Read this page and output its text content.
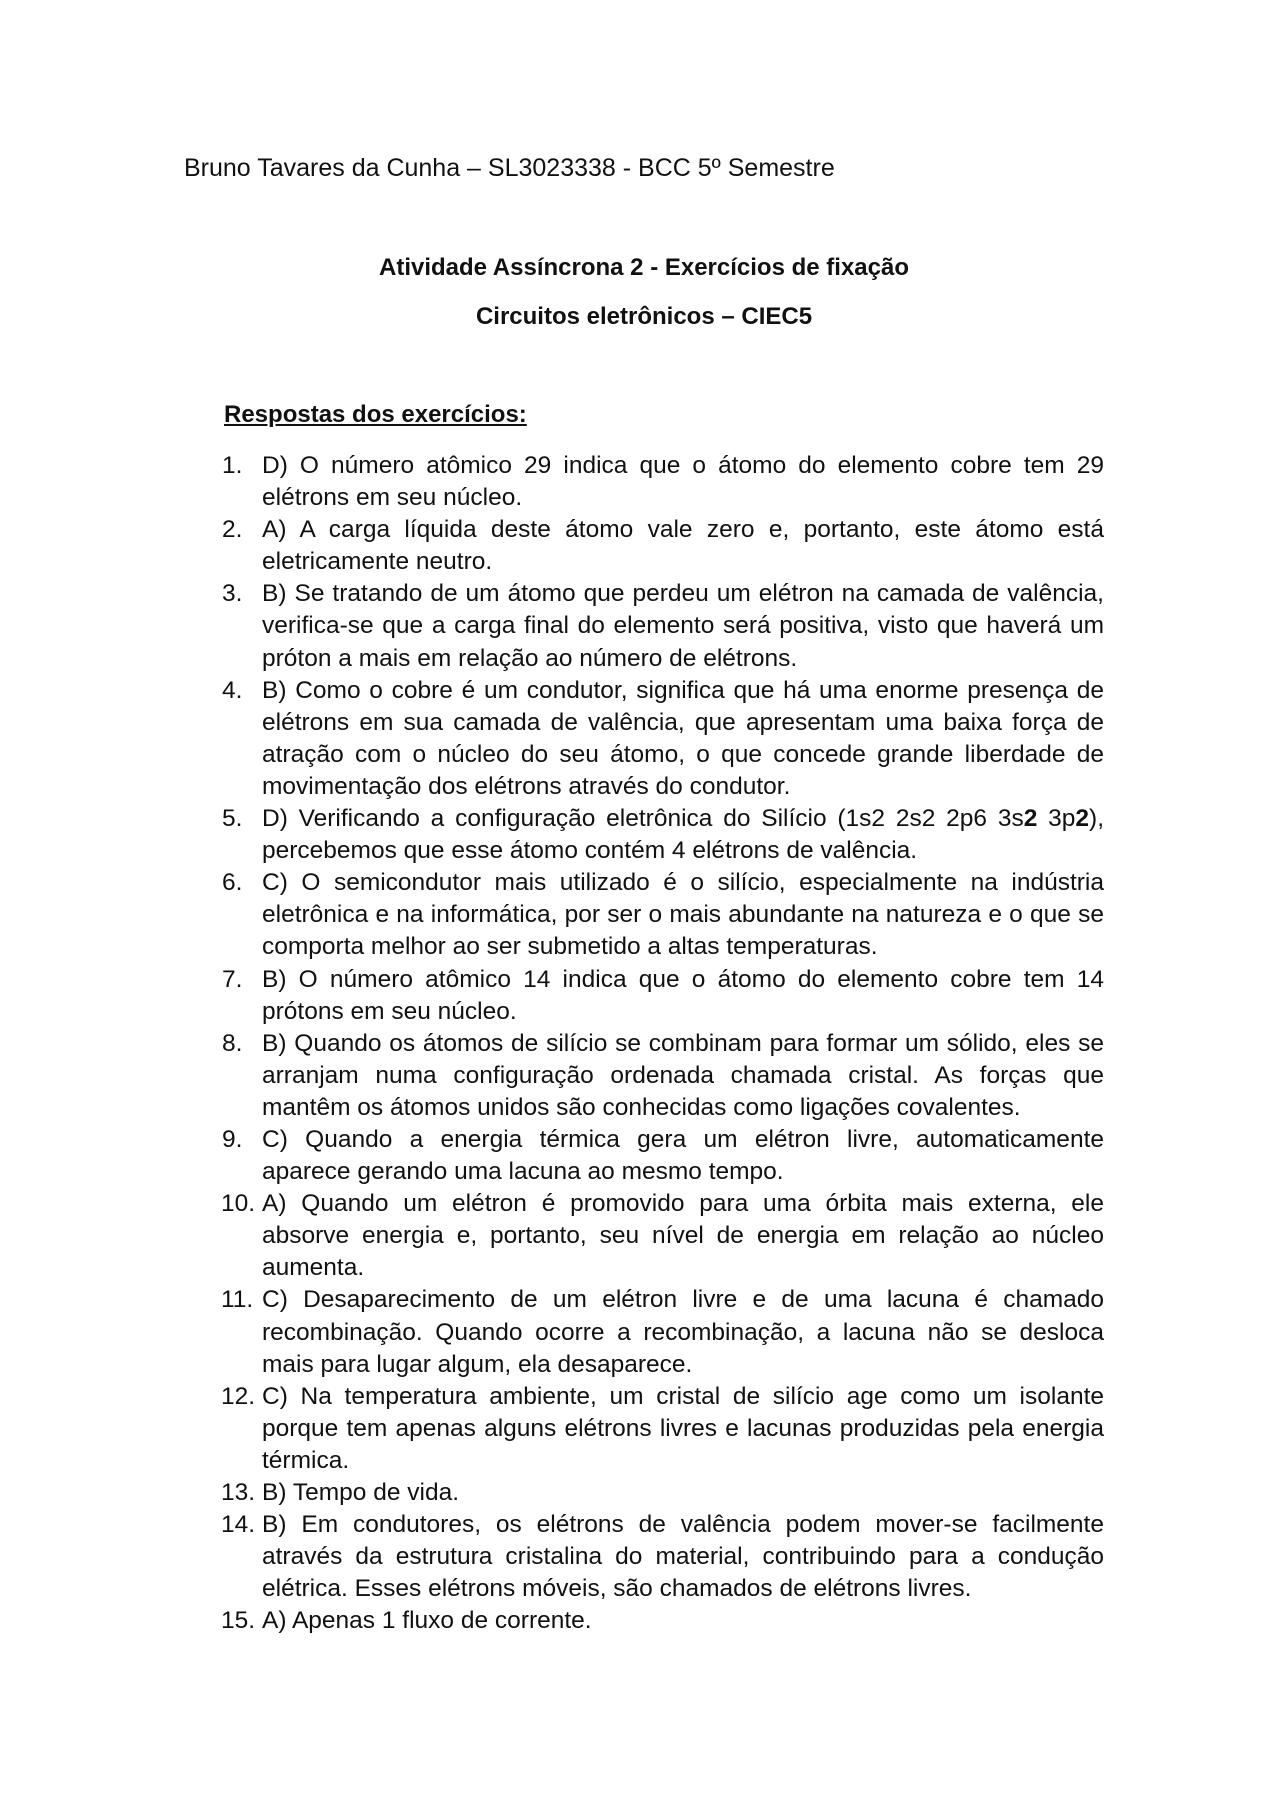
Bruno Tavares da Cunha – SL3023338 - BCC 5º Semestre
Atividade Assíncrona 2 - Exercícios de fixação
Circuitos eletrônicos – CIEC5
Respostas dos exercícios:
1. D) O número atômico 29 indica que o átomo do elemento cobre tem 29 elétrons em seu núcleo.
2. A) A carga líquida deste átomo vale zero e, portanto, este átomo está eletricamente neutro.
3. B) Se tratando de um átomo que perdeu um elétron na camada de valência, verifica-se que a carga final do elemento será positiva, visto que haverá um próton a mais em relação ao número de elétrons.
4. B) Como o cobre é um condutor, significa que há uma enorme presença de elétrons em sua camada de valência, que apresentam uma baixa força de atração com o núcleo do seu átomo, o que concede grande liberdade de movimentação dos elétrons através do condutor.
5. D) Verificando a configuração eletrônica do Silício (1s2 2s2 2p6 3s2 3p2), percebemos que esse átomo contém 4 elétrons de valência.
6. C) O semicondutor mais utilizado é o silício, especialmente na indústria eletrônica e na informática, por ser o mais abundante na natureza e o que se comporta melhor ao ser submetido a altas temperaturas.
7. B) O número atômico 14 indica que o átomo do elemento cobre tem 14 prótons em seu núcleo.
8. B) Quando os átomos de silício se combinam para formar um sólido, eles se arranjam numa configuração ordenada chamada cristal. As forças que mantêm os átomos unidos são conhecidas como ligações covalentes.
9. C) Quando a energia térmica gera um elétron livre, automaticamente aparece gerando uma lacuna ao mesmo tempo.
10. A) Quando um elétron é promovido para uma órbita mais externa, ele absorve energia e, portanto, seu nível de energia em relação ao núcleo aumenta.
11. C) Desaparecimento de um elétron livre e de uma lacuna é chamado recombinação. Quando ocorre a recombinação, a lacuna não se desloca mais para lugar algum, ela desaparece.
12. C) Na temperatura ambiente, um cristal de silício age como um isolante porque tem apenas alguns elétrons livres e lacunas produzidas pela energia térmica.
13. B) Tempo de vida.
14. B) Em condutores, os elétrons de valência podem mover-se facilmente através da estrutura cristalina do material, contribuindo para a condução elétrica. Esses elétrons móveis, são chamados de elétrons livres.
15. A) Apenas 1 fluxo de corrente.
